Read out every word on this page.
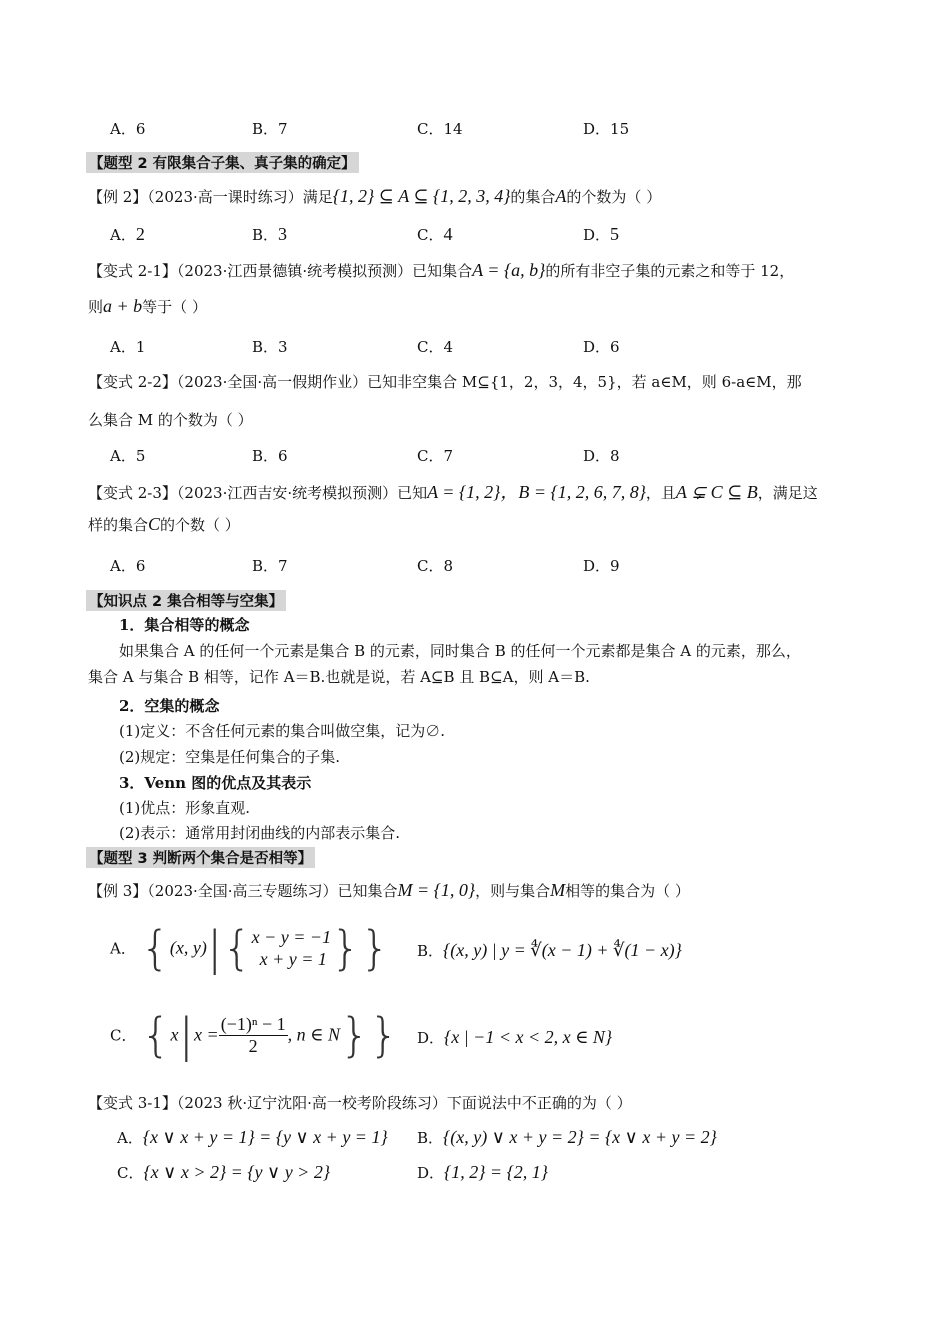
A．6	B．7	C．14	D．15
【题型 2 有限集合子集、真子集的确定】
【例 2】（2023·高一课时练习）满足{1, 2} ⊆ A ⊆ {1, 2, 3, 4}的集合A的个数为（ ）
A．2	B．3	C．4	D．5
【变式 2-1】（2023·江西景德镇·统考模拟预测）已知集合A = {a, b}的所有非空子集的元素之和等于 12，
则a + b等于（ ）
A．1	B．3	C．4	D．6
【变式 2-2】（2023·全国·高一假期作业）已知非空集合 M⊆{1，2，3，4，5}，若 a∈M，则 6-a∈M，那
么集合 M 的个数为（ ）
A．5	B．6	C．7	D．8
【变式 2-3】（2023·江西吉安·统考模拟预测）已知A = {1, 2}，B = {1, 2, 6, 7, 8}，且A ⊊ C ⊆ B，满足这
样的集合C的个数（ ）
A．6	B．7	C．8	D．9
【知识点 2 集合相等与空集】
1．集合相等的概念
如果集合 A 的任何一个元素是集合 B 的元素，同时集合 B 的任何一个元素都是集合 A 的元素，那么，
集合 A 与集合 B 相等，记作 A＝B.也就是说，若 A⊆B 且 B⊆A，则 A＝B.
2．空集的概念
(1)定义：不含任何元素的集合叫做空集，记为∅.
(2)规定：空集是任何集合的子集.
3．Venn 图的优点及其表示
(1)优点：形象直观.
(2)表示：通常用封闭曲线的内部表示集合.
【题型 3 判断两个集合是否相等】
【例 3】（2023·全国·高三专题练习）已知集合M = {1, 0}，则与集合M相等的集合为（ ）
A． {(x, y)|{ x − y = −1
x + y = 1 }} B．{(x, y) | y = ∜(x − 1) + ∜(1 − x)}
C． {$x|x = \frac{\text{(−1)ⁿ − 1}}{2}$ , n ∈ N}} D．{x | −1 < x < 2, x ∈ N}
【变式 3-1】（2023 秋·辽宁沈阳·高一校考阶段练习）下面说法中不正确的为（ ）
A．{x ∨ x + y = 1} = {y ∨ x + y = 1} B．{(x, y) ∨ x + y = 2} = {x ∨ x + y = 2}
C．{x ∨ x > 2} = {y ∨ y > 2}	D．{1, 2} = {2, 1}
